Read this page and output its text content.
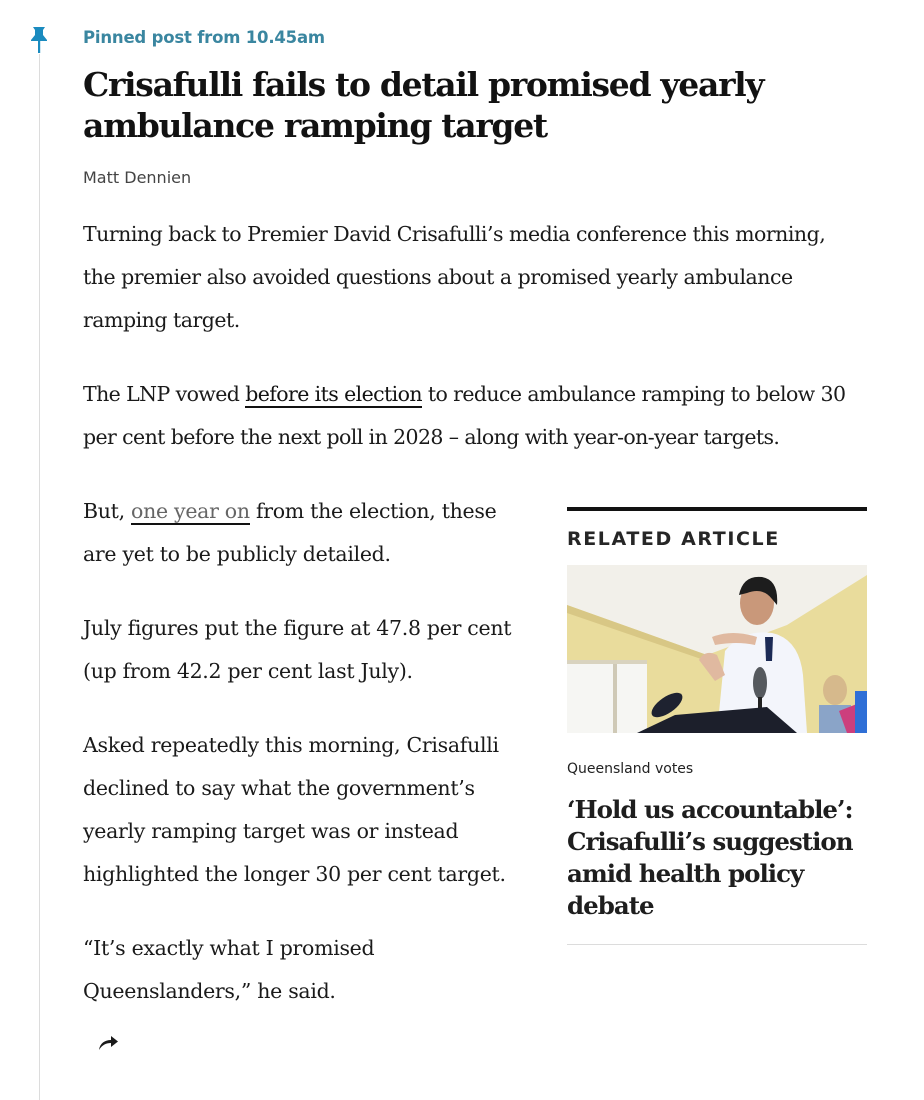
Pinned post from 10.45am
Crisafulli fails to detail promised yearly ambulance ramping target
Matt Dennien

Turning back to Premier David Crisafulli’s media conference this morning, the premier also avoided questions about a promised yearly ambulance ramping target.

The LNP vowed before its election to reduce ambulance ramping to below 30 per cent before the next poll in 2028 – along with year-on-year targets.

But, one year on from the election, these are yet to be publicly detailed.

July figures put the figure at 47.8 per cent (up from 42.2 per cent last July).

Asked repeatedly this morning, Crisafulli declined to say what the government’s yearly ramping target was or instead highlighted the longer 30 per cent target.

“It’s exactly what I promised Queenslanders,” he said.

RELATED ARTICLE
Queensland votes
‘Hold us accountable’: Crisafulli’s suggestion amid health policy debate
